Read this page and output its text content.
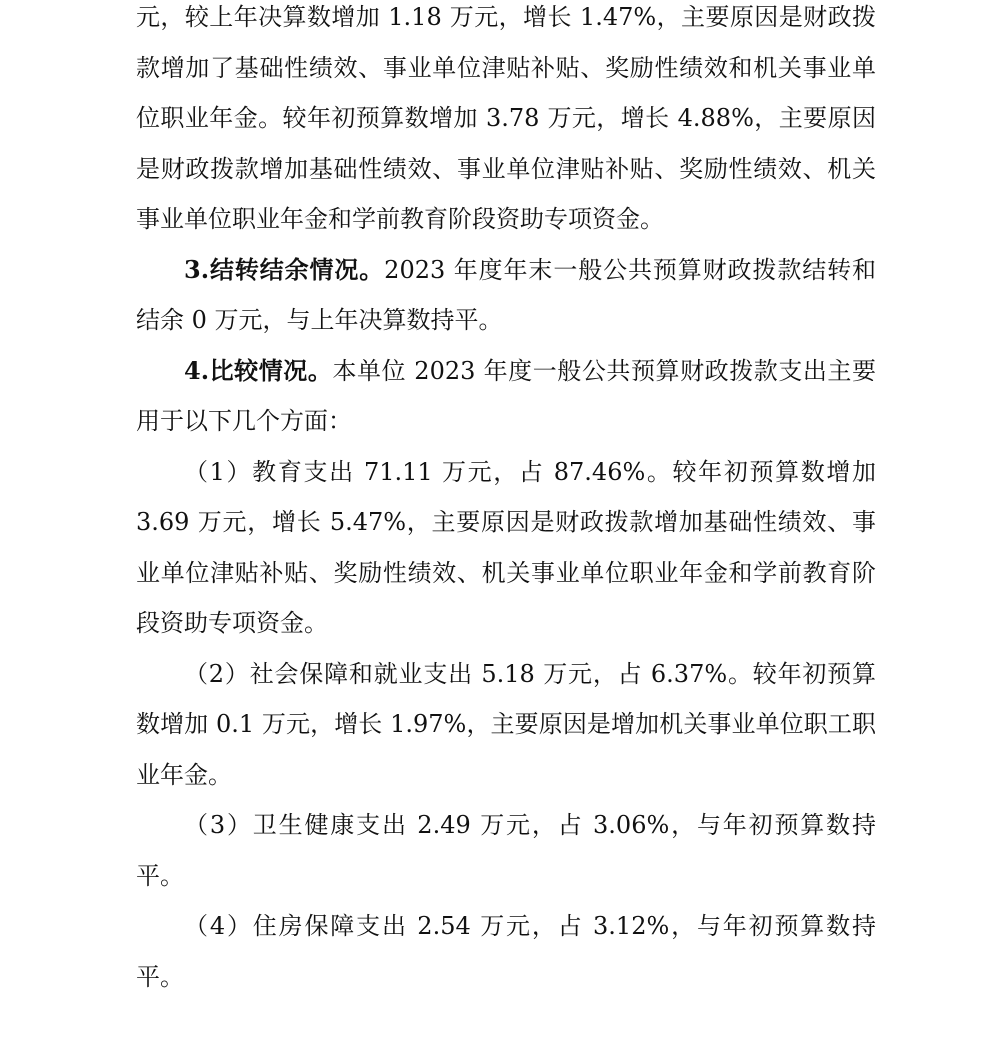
元，较上年决算数增加 1.18 万元，增长 1.47%，主要原因是财政拨款增加了基础性绩效、事业单位津贴补贴、奖励性绩效和机关事业单位职业年金。较年初预算数增加 3.78 万元，增长 4.88%，主要原因是财政拨款增加基础性绩效、事业单位津贴补贴、奖励性绩效、机关事业单位职业年金和学前教育阶段资助专项资金。

3.结转结余情况。2023 年度年末一般公共预算财政拨款结转和结余 0 万元，与上年决算数持平。

4.比较情况。本单位 2023 年度一般公共预算财政拨款支出主要用于以下几个方面：

（1）教育支出 71.11 万元，占 87.46%。较年初预算数增加 3.69 万元，增长 5.47%，主要原因是财政拨款增加基础性绩效、事业单位津贴补贴、奖励性绩效、机关事业单位职业年金和学前教育阶段资助专项资金。

（2）社会保障和就业支出 5.18 万元，占 6.37%。较年初预算数增加 0.1 万元，增长 1.97%，主要原因是增加机关事业单位职工职业年金。

（3）卫生健康支出 2.49 万元，占 3.06%，与年初预算数持平。

（4）住房保障支出 2.54 万元，占 3.12%，与年初预算数持平。
